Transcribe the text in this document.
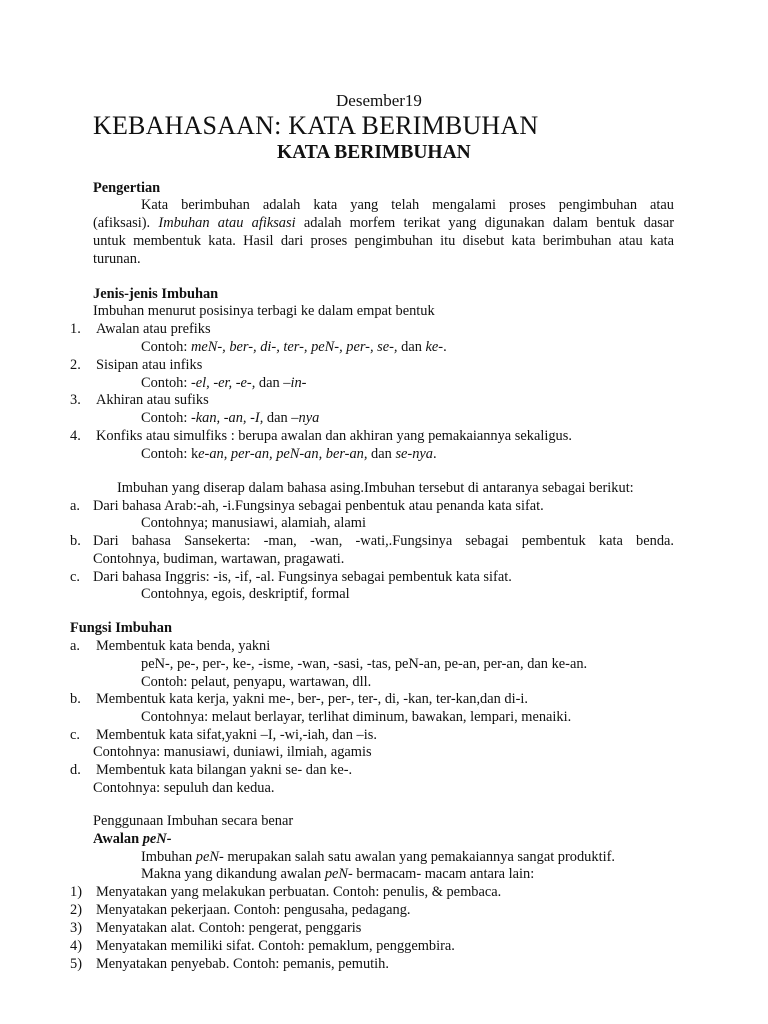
Desember19
KEBAHASAAN: KATA BERIMBUHAN
KATA BERIMBUHAN
Pengertian
Kata berimbuhan adalah kata yang telah mengalami proses pengimbuhan atau
(afiksasi). Imbuhan atau afiksasi adalah morfem terikat yang digunakan dalam bentuk dasar
untuk membentuk kata. Hasil dari proses pengimbuhan itu disebut kata berimbuhan atau kata
turunan.
Jenis-jenis Imbuhan
Imbuhan menurut posisinya terbagi ke dalam empat bentuk
1. Awalan atau prefiks
Contoh: meN-, ber-, di-, ter-, peN-, per-, se-, dan ke-.
2. Sisipan atau infiks
Contoh: -el, -er, -e-, dan –in-
3. Akhiran atau sufiks
Contoh: -kan, -an, -I, dan –nya
4. Konfiks atau simulfiks : berupa awalan dan akhiran yang pemakaiannya sekaligus.
Contoh: ke-an, per-an, peN-an, ber-an, dan se-nya.
Imbuhan yang diserap dalam bahasa asing.Imbuhan tersebut di antaranya sebagai berikut:
a. Dari bahasa Arab:-ah, -i.Fungsinya sebagai penbentuk atau penanda kata sifat.
Contohnya; manusiawi, alamiah, alami
b. Dari bahasa Sansekerta: -man, -wan, -wati,.Fungsinya sebagai pembentuk kata benda.
Contohnya, budiman, wartawan, pragawati.
c. Dari bahasa Inggris: -is, -if, -al. Fungsinya sebagai pembentuk kata sifat.
Contohnya, egois, deskriptif, formal
Fungsi Imbuhan
a. Membentuk kata benda, yakni
peN-, pe-, per-, ke-, -isme, -wan, -sasi, -tas, peN-an, pe-an, per-an, dan ke-an.
Contoh: pelaut, penyapu, wartawan, dll.
b. Membentuk kata kerja, yakni me-, ber-, per-, ter-, di, -kan, ter-kan,dan di-i.
Contohnya: melaut berlayar, terlihat diminum, bawakan, lempari, menaiki.
c. Membentuk kata sifat,yakni –I, -wi,-iah, dan –is.
Contohnya: manusiawi, duniawi, ilmiah, agamis
d. Membentuk kata bilangan yakni se- dan ke-.
Contohnya: sepuluh dan kedua.
Penggunaan Imbuhan secara benar
Awalan peN-
Imbuhan peN- merupakan salah satu awalan yang pemakaiannya sangat produktif.
Makna yang dikandung awalan peN- bermacam- macam antara lain:
1) Menyatakan yang melakukan perbuatan. Contoh: penulis, & pembaca.
2) Menyatakan pekerjaan. Contoh: pengusaha, pedagang.
3) Menyatakan alat. Contoh: pengerat, penggaris
4) Menyatakan memiliki sifat. Contoh: pemaklum, penggembira.
5) Menyatakan penyebab. Contoh: pemanis, pemutih.
